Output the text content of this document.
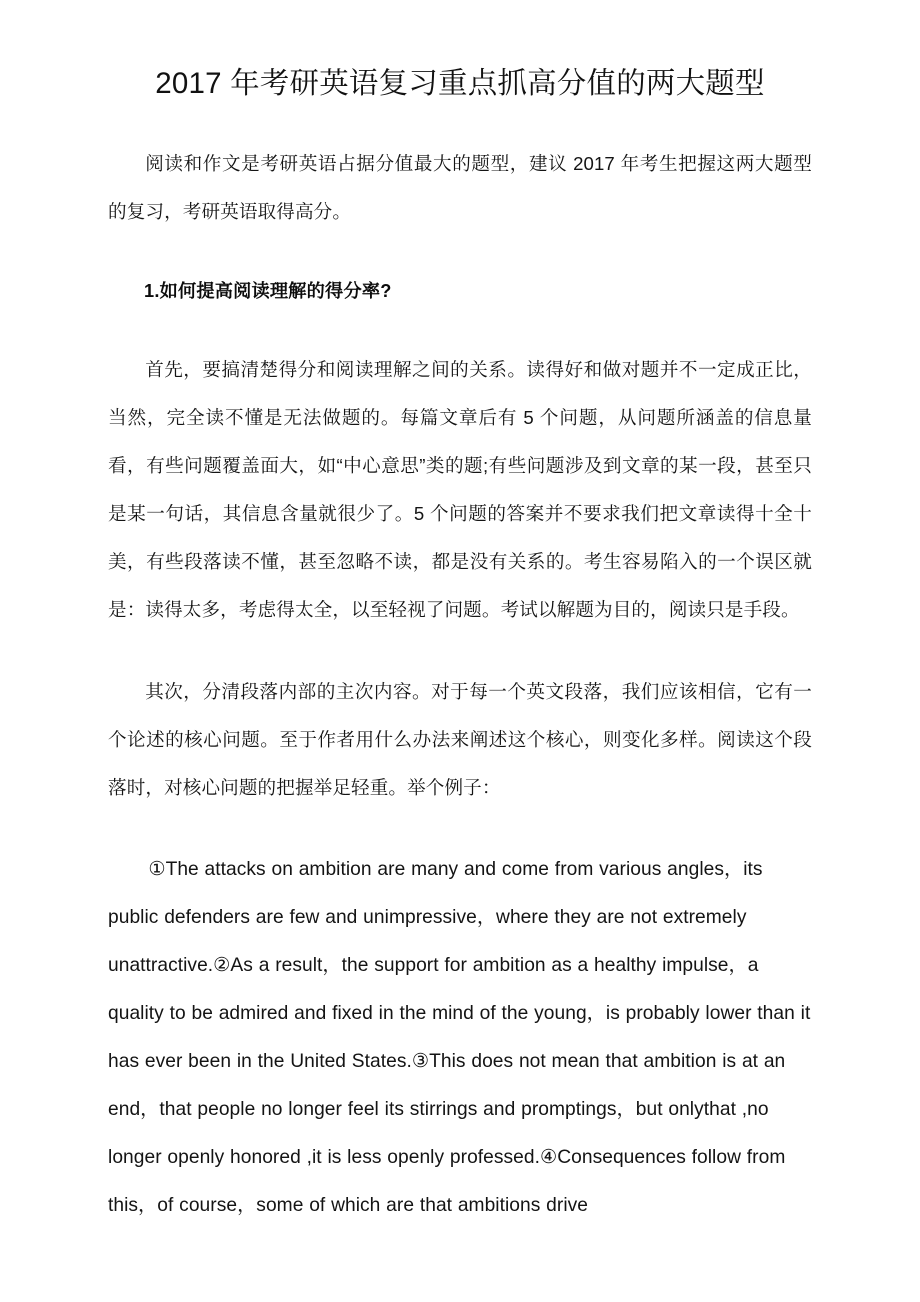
2017 年考研英语复习重点抓高分值的两大题型

阅读和作文是考研英语占据分值最大的题型，建议 2017 年考生把握这两大题型的复习，考研英语取得高分。

1.如何提高阅读理解的得分率?

首先，要搞清楚得分和阅读理解之间的关系。读得好和做对题并不一定成正比，当然，完全读不懂是无法做题的。每篇文章后有 5 个问题，从问题所涵盖的信息量看，有些问题覆盖面大，如“中心意思”类的题;有些问题涉及到文章的某一段，甚至只是某一句话，其信息含量就很少了。5 个问题的答案并不要求我们把文章读得十全十美，有些段落读不懂，甚至忽略不读，都是没有关系的。考生容易陷入的一个误区就是：读得太多，考虑得太全，以至轻视了问题。考试以解题为目的，阅读只是手段。

其次，分清段落内部的主次内容。对于每一个英文段落，我们应该相信，它有一个论述的核心问题。至于作者用什么办法来阐述这个核心，则变化多样。阅读这个段落时，对核心问题的把握举足轻重。举个例子：

①The attacks on ambition are many and come from various angles，its public defenders are few and unimpressive，where they are not extremely unattractive.②As a result，the support for ambition as a healthy impulse，a quality to be admired and fixed in the mind of the young，is probably lower than it has ever been in the United States.③This does not mean that ambition is at an end，that people no longer feel its stirrings and promptings，but onlythat ,no longer openly honored ,it is less openly professed.④Consequences follow from this，of course，some of which are that ambitions drive
